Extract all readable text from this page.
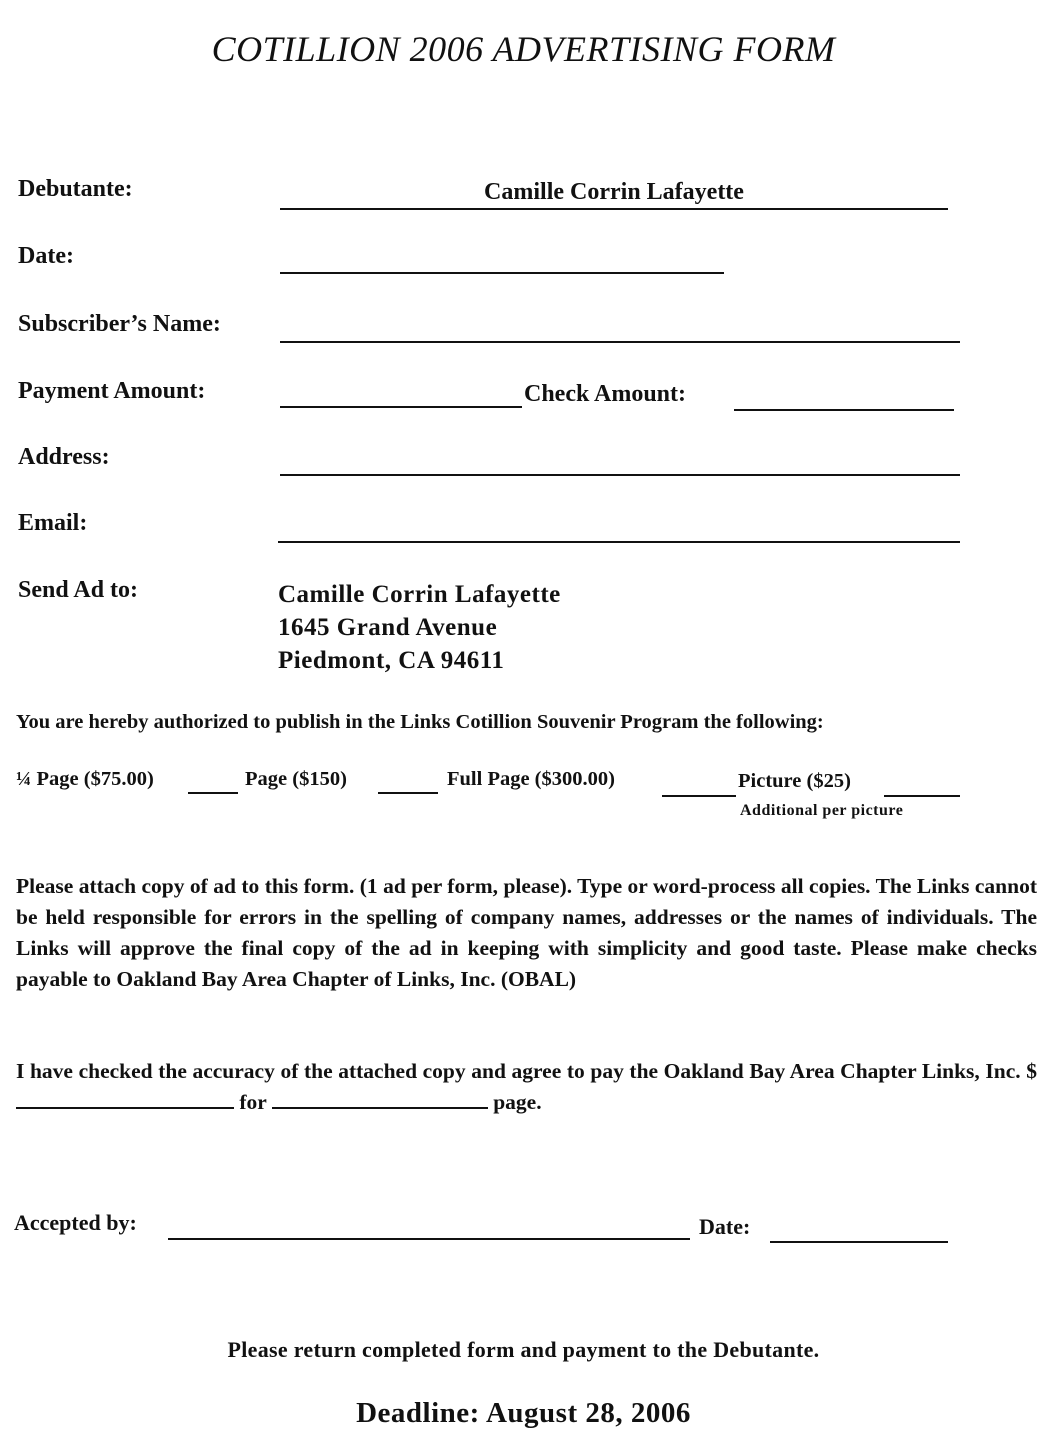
COTILLION 2006 ADVERTISING FORM
Debutante:	Camille Corrin Lafayette
Date:
Subscriber’s Name:
Payment Amount:	Check Amount:
Address:
Email:
Send Ad to:	Camille Corrin Lafayette
1645 Grand Avenue
Piedmont, CA 94611
You are hereby authorized to publish in the Links Cotillion Souvenir Program the following:
¼ Page ($75.00)	Page ($150)	Full Page ($300.00)	Picture ($25)
Additional per picture
Please attach copy of ad to this form. (1 ad per form, please). Type or word-process all copies. The Links cannot be held responsible for errors in the spelling of company names, addresses or the names of individuals. The Links will approve the final copy of the ad in keeping with simplicity and good taste. Please make checks payable to Oakland Bay Area Chapter of Links, Inc. (OBAL)
I have checked the accuracy of the attached copy and agree to pay the Oakland Bay Area Chapter Links, Inc. $ for	page.
Accepted by:	Date:
Please return completed form and payment to the Debutante.
Deadline: August 28, 2006
